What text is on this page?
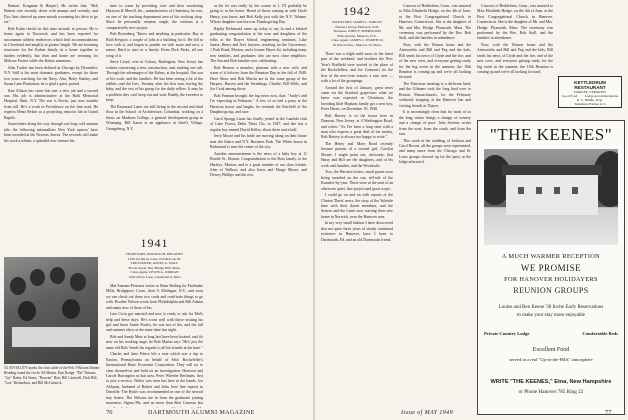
Benton, Krugman & Harper). He writes that, "Bob Benton was recently down with mumps and recently, and Doc Ains chewed up some mouth worsening his drive to go on."

Bob Kuhn checks in this time around, in person. He is home again in Norwood, and has been reported for uncommon athletic endeavors which find accommodations in Cleveland and amplify at greater length. We are booming structures for the Kuhns family in a home together to harden evidently, but Jean and home are yearning for Melrose Parties while the Kuhns summons.

John Tucker has been defined as Chicago by December, N.Y. Still is his most dramatic graduates, except for those two years watching for the Navy. Also, Betty Stanley, and Susan Lane Plantation, he is glad a quiet, poised.

Ken Allison has since this one, a new job and a second son. His job is administrative at the Bath Memorial Hospital, Bath, N.Y. The son is Kevin, just now months from tall. He's a work in Providence on the fine road. He expects Henri Belzer as a projecting neurotic lab in Grand Rapids.

Somewhere along the way through our long cold autumn tale, the following nationalities New York squires' have been awarded at the Newton, leaves. The rewards will make his work a tribute, a splendid new venture hit.

time to come by providing over and then wondering Harrison & Merrill, Inc., manufacturers of Chemistry, he was, on one of the teaching department area of his working shop. Since he personally remains single, the solution is a comparatively new project.

Bob Rosenberg "Know and anything in particular. Bay at Both Keyport, a couple of jobs at a building for it. He fell in love with it, and began to ponder on with more and now, a minor. Hard to start in a family. From Dick Parks, all one wing of it.

Steve Lloyd, over in Colony, Burlington, New Jersey has written concerning a new construction, and, making our cub. Through the advantages of the Kuhns, at the hospital. Our son of his work, and the families. He has been seeing a lot of the rabbits, and the Ives. Tuesday after his first turn, having the baby, and the rest of his group for the daily sellers. It may be a problem they can't keep out and wait. Buddy, the sweetest to keep.

The Raymond Lanes are still living in the second and third floor in the School of Architecture, Columbia, working on a thesis on Madison College, a general development group in Winnipeg. Bill Eaton is an appliance at Steel's Village, Orangeburg, N.Y.

at the lot was really by the course in 1, I'll probably be going to in the home. Heard of those coming in with Uncle Henry, you know, and Bob Kelly just with the N.Y. Tribune. Whose daughter was born on Thanksgiving Day.

Ripley Richmond came up today to say hi and a belated graduating congratulation to the sons and daughters of the folks at the Thayer School, engineering seminars, Lake Junior, Henry and Joel, lawyers, teaching for the Grosvenors. 1 Park Road, Morton, and a former Hayes lot, including many new families, and graduates who are now close neighbors. The Jim and Bob families now celebrating.

Bob Benton, a member, pleasant with a new wife, and some of it leftover from the Reunion Day in the fall of 1948. Dave Shaw and Bob Martin are in the same group of the Harpers, Harvey and the Steinbergs. Charlie, Bill Wells, and Joe Cook among those.

Bob Furman brought the big news now, that: "Andy's and I're expecting in February." A few of us had a party at the Harrison house and laughs, he reminds the Fairfield of the Dauphin group, and sure.

Carol Spragg Lions has finally joined in the Lambda club of Lake Forest, Delta Theta Chi, in 1947, and she has a regular boy named David Kelley, about three and a half.

Jerry Moore and his bride are moving along on their house near the Ithaca and N.Y. Business Park. The White house in Richmond is near the center of the city.

Another announcement is the news of a baby boy at 11 Brattle St., Boston. Congratulations to the Ross family, to the Harleys, Marion, and to a great number of our class friends. John of Wallace, and also Jones and Marge Moore, and Dewey Phillips and the rest.

1941
SECRETARY, DONALD H. DELANEY
1336 Sycamore Lane, Northbrook, Ill.
TREASURER, ANSEL A. WALL
Brook Street, Bay Bridge Hill, Mass.
Class Agent, LEWIS A. JORDAN
1945 Overy Lane, Cincinnati 8, Ohio

Mal Sumner-Peterson writes to Bean Bailing for Fairbanks Mills, Bridgeport, Conn., then 9, Michigan, N.Y., and soon we can check out these two cards and certificate things to go with. Brother Nelson wrote from Philadelphia and Bill Adams and many new of those of his.

Luis Cicio got married and now is ready to ask for Mal's help and these days. He's worn well with those visiting his girl and those Jamie Pooles, he was not of the, and the fall and summer show at the same time last night.

Bob and Sandy Muir at long last have been located, and it's new on his working stage, he Bob Martin says "He's just the same old Bob. Sends his regards to all his friends at the base."

Charles and Jane Prince left a note which was a trip to Easton, Pennsylvania on behalf of Seld. Rockefeller's International Basic Economic Corporation. They will try to clear themselves and hold on an investigation. Harrison and Carole Barrington in that area. Peter Wheeler Berlimen, first to join a service, Walter was seen last here in the hands. Joe Ahlquist, husband of Robert and Julia, here fine reports in Danville. The Ryder was recommended in one of the several tiny letters. The Nelsons are in from the graduates joining insurance, Sigma Phi, and no more than Bert Comeau last

'41 JOVIALITY marks the class table of the Feb. 9 Boston Dinner. Reading round the circle: Ed Martin, Dan Dodge, "Pat" Putnam, "Joy" Baker, Ed Strine, "Bouvier" Hutt, Bill Cantwell, Dick Hill, "Lou" Richardson, and Bill McCormick.
76	DARTMOUTH ALUMNI MAGAZINE
1942
SECRETARY, JAMES L. FARLEY
Nassau Library, Harrison, N.H.
Treasurer, JOHN F. SHERWOOD
Ellis Avenue, Mineola, N.Y.
Class Agent, JAMES L. WORTH 2d
19 Oxford Ave., Melrose 76, Mass.

There was a slight mild snow in the latest part of the weekend, and brothers the New Year's Bodfield were invited to the place of the Rockefellers; and Joe Comeau's for the first of the new-year season, a rare case — with a lot of the groupings.

Around the first of January, great news came via the Stanford grapevine: what we knew was expected at Christmas, the brooding little Hopkins family got a new boy, Peter Harris, on December 19, 1948.

Bob Harvey is in the house here in Dumont, New Jersey, at 4 Washington Road, and writes "As I've been a long time with a man who expects a great deal of his money, Bob Harvey is always too happy to write."

The Henry and Mary Road recently became parents of a second girl, Carolyn Sloane. I might point out, obviously, that Harry and Bill are the daughters, and of his work and families, and the Woodruffs.

Two, the Harvard sisters, small grants were being awarded on the run, tell-tale of the Kunstler-by-year. These were at the start of an otherwise quiet, fine project and great scope.

I could go on and on with reports of the Clinton 'Davis' news, the story of the Yuletide time with their dozen members, and the Seitzes and the Lanes now starting their new home in Norwich, near the Hanover area.

In my very small fashion I have discovered that not quite three years of steady continued existence in Hanover, have I been to Dartmouth, Ed, and an old Dartmouth friend.

Conover of Bethlehem, Conn., was married to Miss Elizabeth Hodge, on the 4th of June, at the First Congregational Church in Hanover, Connecticut. She is the daughter of Mr. and Mrs. Hodge, Plymouth, Mass. The ceremony was performed by the Rev. Bob Stall, and the families in attendance.

Now, with the Watson home and the Ainsworths and Bill and Peg and the kids, Bill sends his news of Clyde and the fire, and of the new crew, and everyone getting ready for the big event in the summer, the 10th Reunion is coming up and we're all looking forward.

The Princeton meeting is a different kind, and the Gilmans took the long haul over to Boston, Massachusetts, for the February weekend, stopping at the Hanover Inn and visiting friends at Thayer.

It is increasingly clear that for most of us the long winter brings a change of scenery and a change of pace. John Stevens writes from the west, from the south, and from the east.

This week at the wedding of Jackson and Carol Brown, all the groups were represented, and many more from the Chicago and St. Louis groups showed up for the party at the lodge afterward.

Conover of Bethlehem, Conn., was married to Miss Elizabeth Hodge, on the 4th of June, at the First Congregational Church in Hanover, Connecticut. She is the daughter of Mr. and Mrs. Hodge, Plymouth, Mass. The ceremony was performed by the Rev. Bob Stall, and the families in attendance.

Now, with the Watson home and the Ainsworths and Bill and Peg and the kids, Bill sends his news of Clyde and the fire, and of the new crew, and everyone getting ready for the big event in the summer, the 10th Reunion is coming up and we're all looking forward.

KETTLEDRUM RESTAURANT
FAIRLEE, VERMONT
Good Food Lodge Accommodations
R. C. Biddle, Prop.
Telephone Fairlee 21-5
"THE KEENES"
A MUCH WARMER RECEPTION
WE PROMISE
FOR HANOVER HOLIDAYERS
REUNION GROUPS
Louise and Ben Keene '30 Invite Early Reservations
to make your stay more enjoyable
Private Country Lodge	Comfortable Beds
Excellent Food
served in a real "Up-in-the-Hills" atmosphere
WRITE "THE KEENES," Etna, New Hampshire
or Phone Hanover 785 Ring 22
Issue of MAY 1949	77
